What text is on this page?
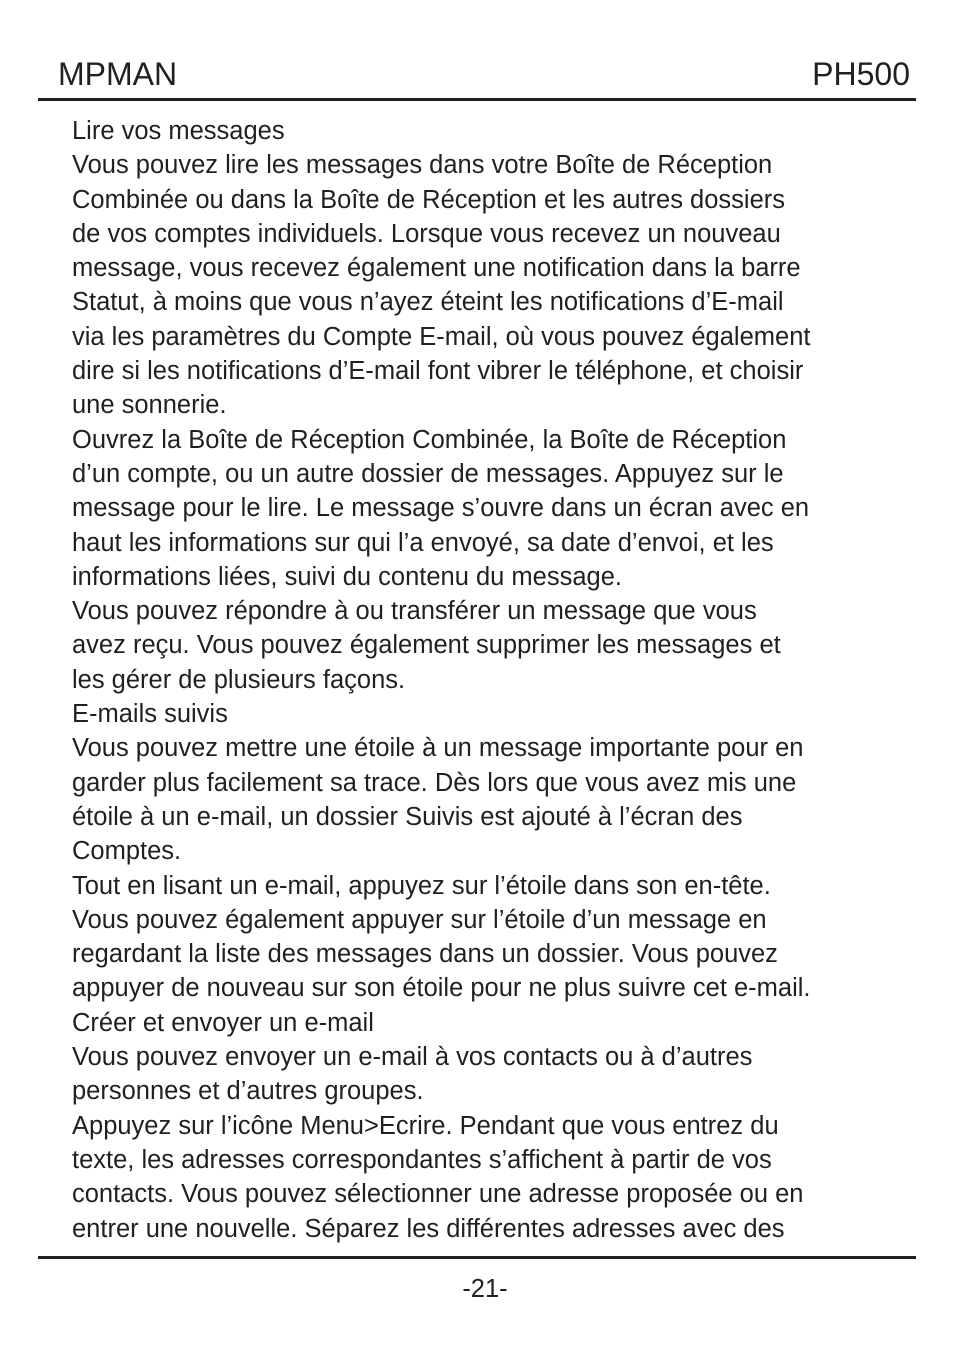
MPMAN	PH500

Lire vos messages

Vous pouvez lire les messages dans votre Boîte de Réception

Combinée ou dans la Boîte de Réception et les autres dossiers

de vos comptes individuels. Lorsque vous recevez un nouveau

message, vous recevez également une notification dans la barre

Statut, à moins que vous n’ayez éteint les notifications d’E-mail

via les paramètres du Compte E-mail, où vous pouvez également

dire si les notifications d’E-mail font vibrer le téléphone, et choisir

une sonnerie.

Ouvrez la Boîte de Réception Combinée, la Boîte de Réception

d’un compte, ou un autre dossier de messages. Appuyez sur le

message pour le lire. Le message s’ouvre dans un écran avec en

haut les informations sur qui l’a envoyé, sa date d’envoi, et les

informations liées, suivi du contenu du message.

Vous pouvez répondre à ou transférer un message que vous

avez reçu. Vous pouvez également supprimer les messages et

les gérer de plusieurs façons.

E-mails suivis

Vous pouvez mettre une étoile à un message importante pour en

garder plus facilement sa trace. Dès lors que vous avez mis une

étoile à un e-mail, un dossier Suivis est ajouté à l’écran des

Comptes.

Tout en lisant un e-mail, appuyez sur l’étoile dans son en-tête.

Vous pouvez également appuyer sur l’étoile d’un message en

regardant la liste des messages dans un dossier. Vous pouvez

appuyer de nouveau sur son étoile pour ne plus suivre cet e-mail.

Créer et envoyer un e-mail

Vous pouvez envoyer un e-mail à vos contacts ou à d’autres

personnes et d’autres groupes.

Appuyez sur l’icône Menu>Ecrire. Pendant que vous entrez du

texte, les adresses correspondantes s’affichent à partir de vos

contacts. Vous pouvez sélectionner une adresse proposée ou en

entrer une nouvelle. Séparez les différentes adresses avec des

-21-
